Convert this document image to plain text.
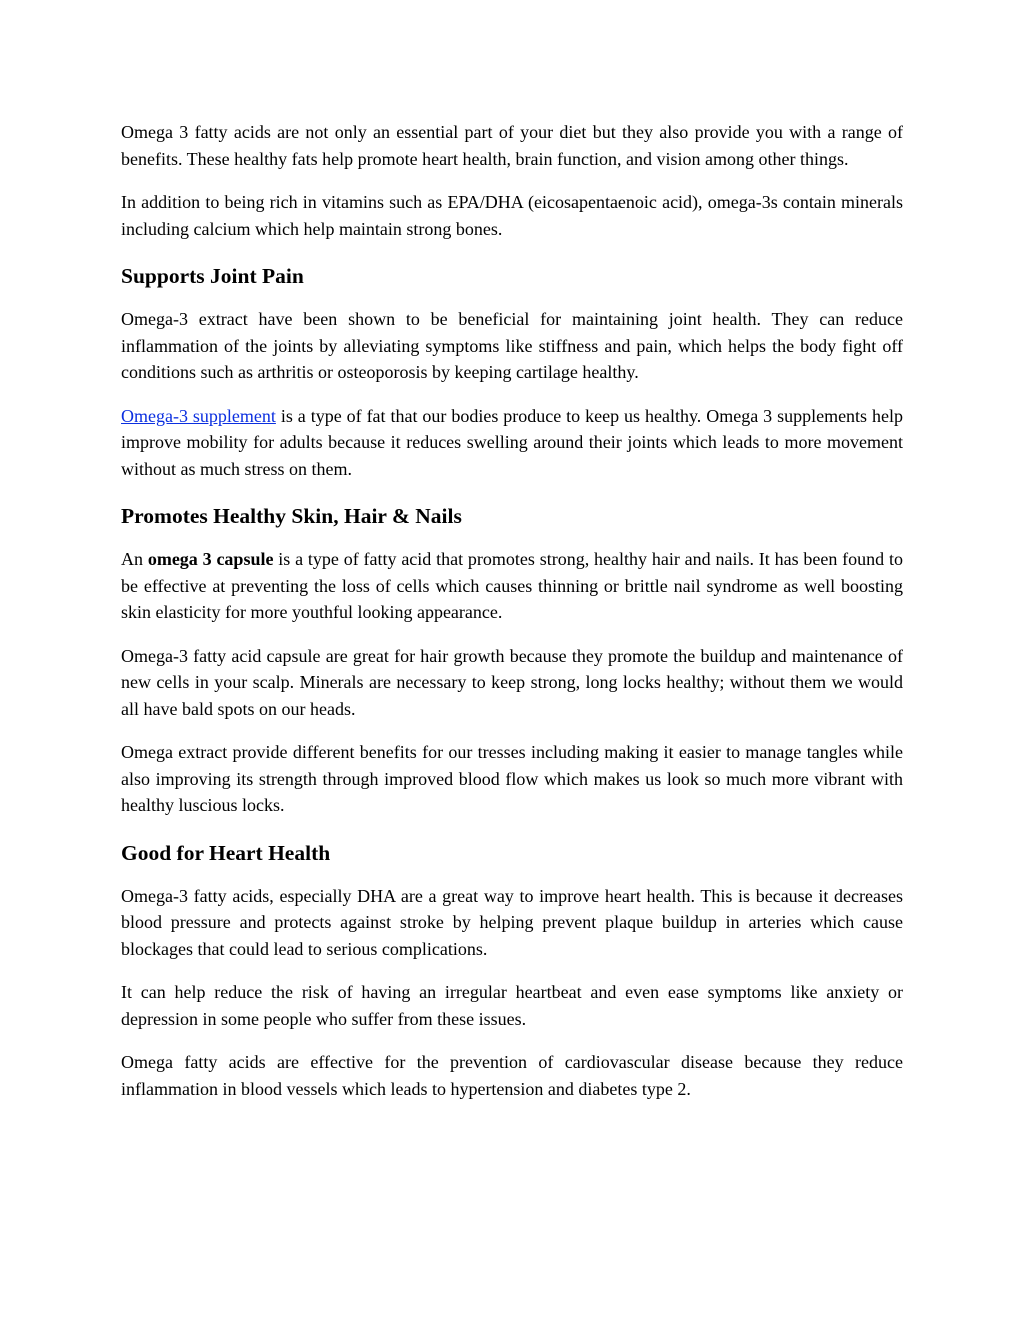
Omega 3 fatty acids are not only an essential part of your diet but they also provide you with a range of benefits. These healthy fats help promote heart health, brain function, and vision among other things.

In addition to being rich in vitamins such as EPA/DHA (eicosapentaenoic acid), omega-3s contain minerals including calcium which help maintain strong bones.

Supports Joint Pain

Omega-3 extract have been shown to be beneficial for maintaining joint health. They can reduce inflammation of the joints by alleviating symptoms like stiffness and pain, which helps the body fight off conditions such as arthritis or osteoporosis by keeping cartilage healthy.

Omega-3 supplement is a type of fat that our bodies produce to keep us healthy. Omega 3 supplements help improve mobility for adults because it reduces swelling around their joints which leads to more movement without as much stress on them.

Promotes Healthy Skin, Hair & Nails

An omega 3 capsule is a type of fatty acid that promotes strong, healthy hair and nails. It has been found to be effective at preventing the loss of cells which causes thinning or brittle nail syndrome as well boosting skin elasticity for more youthful looking appearance.

Omega-3 fatty acid capsule are great for hair growth because they promote the buildup and maintenance of new cells in your scalp. Minerals are necessary to keep strong, long locks healthy; without them we would all have bald spots on our heads.

Omega extract provide different benefits for our tresses including making it easier to manage tangles while also improving its strength through improved blood flow which makes us look so much more vibrant with healthy luscious locks.

Good for Heart Health

Omega-3 fatty acids, especially DHA are a great way to improve heart health. This is because it decreases blood pressure and protects against stroke by helping prevent plaque buildup in arteries which cause blockages that could lead to serious complications.

It can help reduce the risk of having an irregular heartbeat and even ease symptoms like anxiety or depression in some people who suffer from these issues.

Omega fatty acids are effective for the prevention of cardiovascular disease because they reduce inflammation in blood vessels which leads to hypertension and diabetes type 2.
